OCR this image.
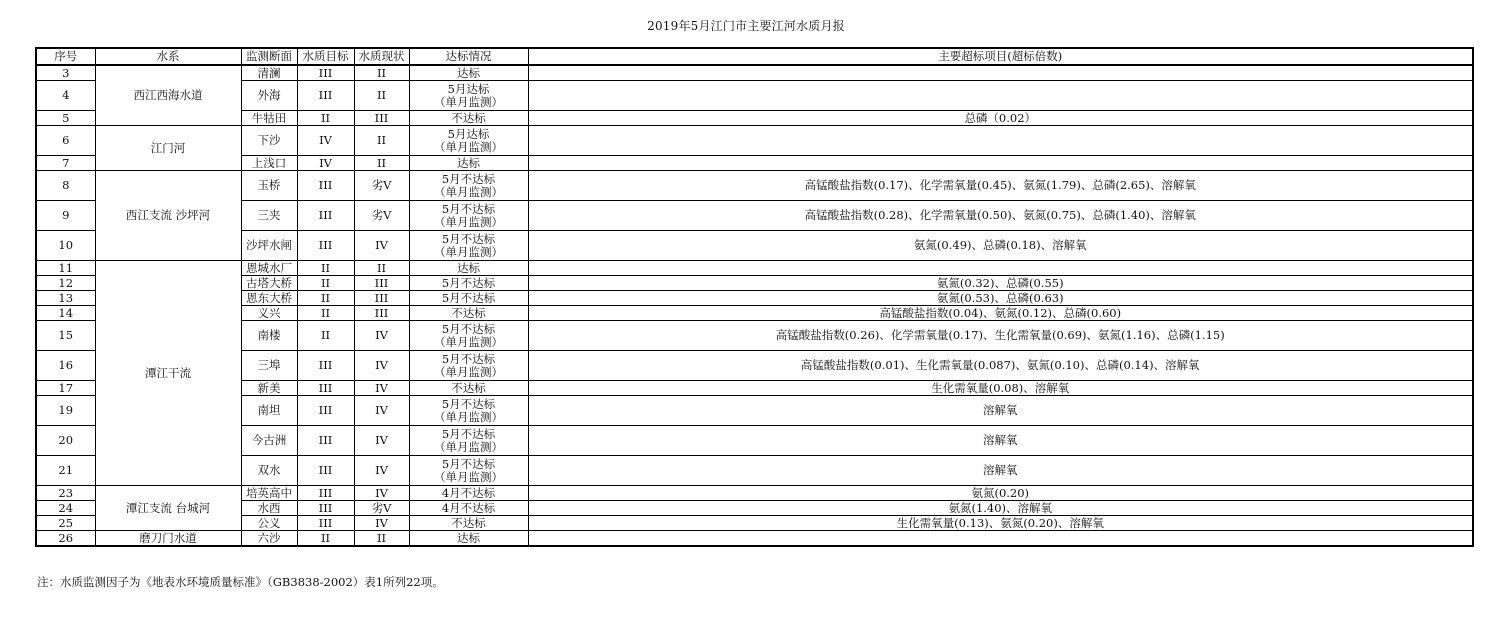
2019年5月江门市主要江河水质月报
序号	水系	监测断面	水质目标	水质现状	达标情况	主要超标项目(超标倍数)
3	西江西海水道	清澜	III	II	达标	

4		外海	III	II	5月达标
（单月监测）	

5		牛牯田	II	III	不达标	总磷（0.02）
6	江门河	下沙	IV	II	5月达标
（单月监测）	

7		上浅口	IV	II	达标	

8	西江支流 沙坪河	玉桥	III	劣V	5月不达标
（单月监测）	高锰酸盐指数(0.17)、化学需氧量(0.45)、氨氮(1.79)、总磷(2.65)、溶解氧
9		三夹	III	劣V	5月不达标
（单月监测）	高锰酸盐指数(0.28)、化学需氧量(0.50)、氨氮(0.75)、总磷(1.40)、溶解氧
10		沙坪水闸	III	IV	5月不达标
（单月监测）	氨氮(0.49)、总磷(0.18)、溶解氧
11	潭江干流	恩城水厂	II	II	达标	

12		古塔大桥	II	III	5月不达标	氨氮(0.32)、总磷(0.55)
13		恩东大桥	II	III	5月不达标	氨氮(0.53)、总磷(0.63)
14		义兴	II	III	不达标	高锰酸盐指数(0.04)、氨氮(0.12)、总磷(0.60)
15		南楼	II	IV	5月不达标
（单月监测）	高锰酸盐指数(0.26)、化学需氧量(0.17)、生化需氧量(0.69)、氨氮(1.16)、总磷(1.15)
16		三埠	III	IV	5月不达标
（单月监测）	高锰酸盐指数(0.01)、生化需氧量(0.087)、氨氮(0.10)、总磷(0.14)、溶解氧
17		新美	III	IV	不达标	生化需氧量(0.08)、溶解氧
19		南坦	III	IV	5月不达标
（单月监测）	溶解氧
20		今古洲	III	IV	5月不达标
（单月监测）	溶解氧
21		双水	III	IV	5月不达标
（单月监测）	溶解氧
23	潭江支流 台城河	培英高中	III	IV	4月不达标	氨氮(0.20)
24		水西	III	劣V	4月不达标	氨氮(1.40)、溶解氧
25		公义	III	IV	不达标	生化需氧量(0.13)、氨氮(0.20)、溶解氧
26	磨刀门水道	六沙	II	II	达标	

注：水质监测因子为《地表水环境质量标准》（GB3838-2002）表1所列22项。
